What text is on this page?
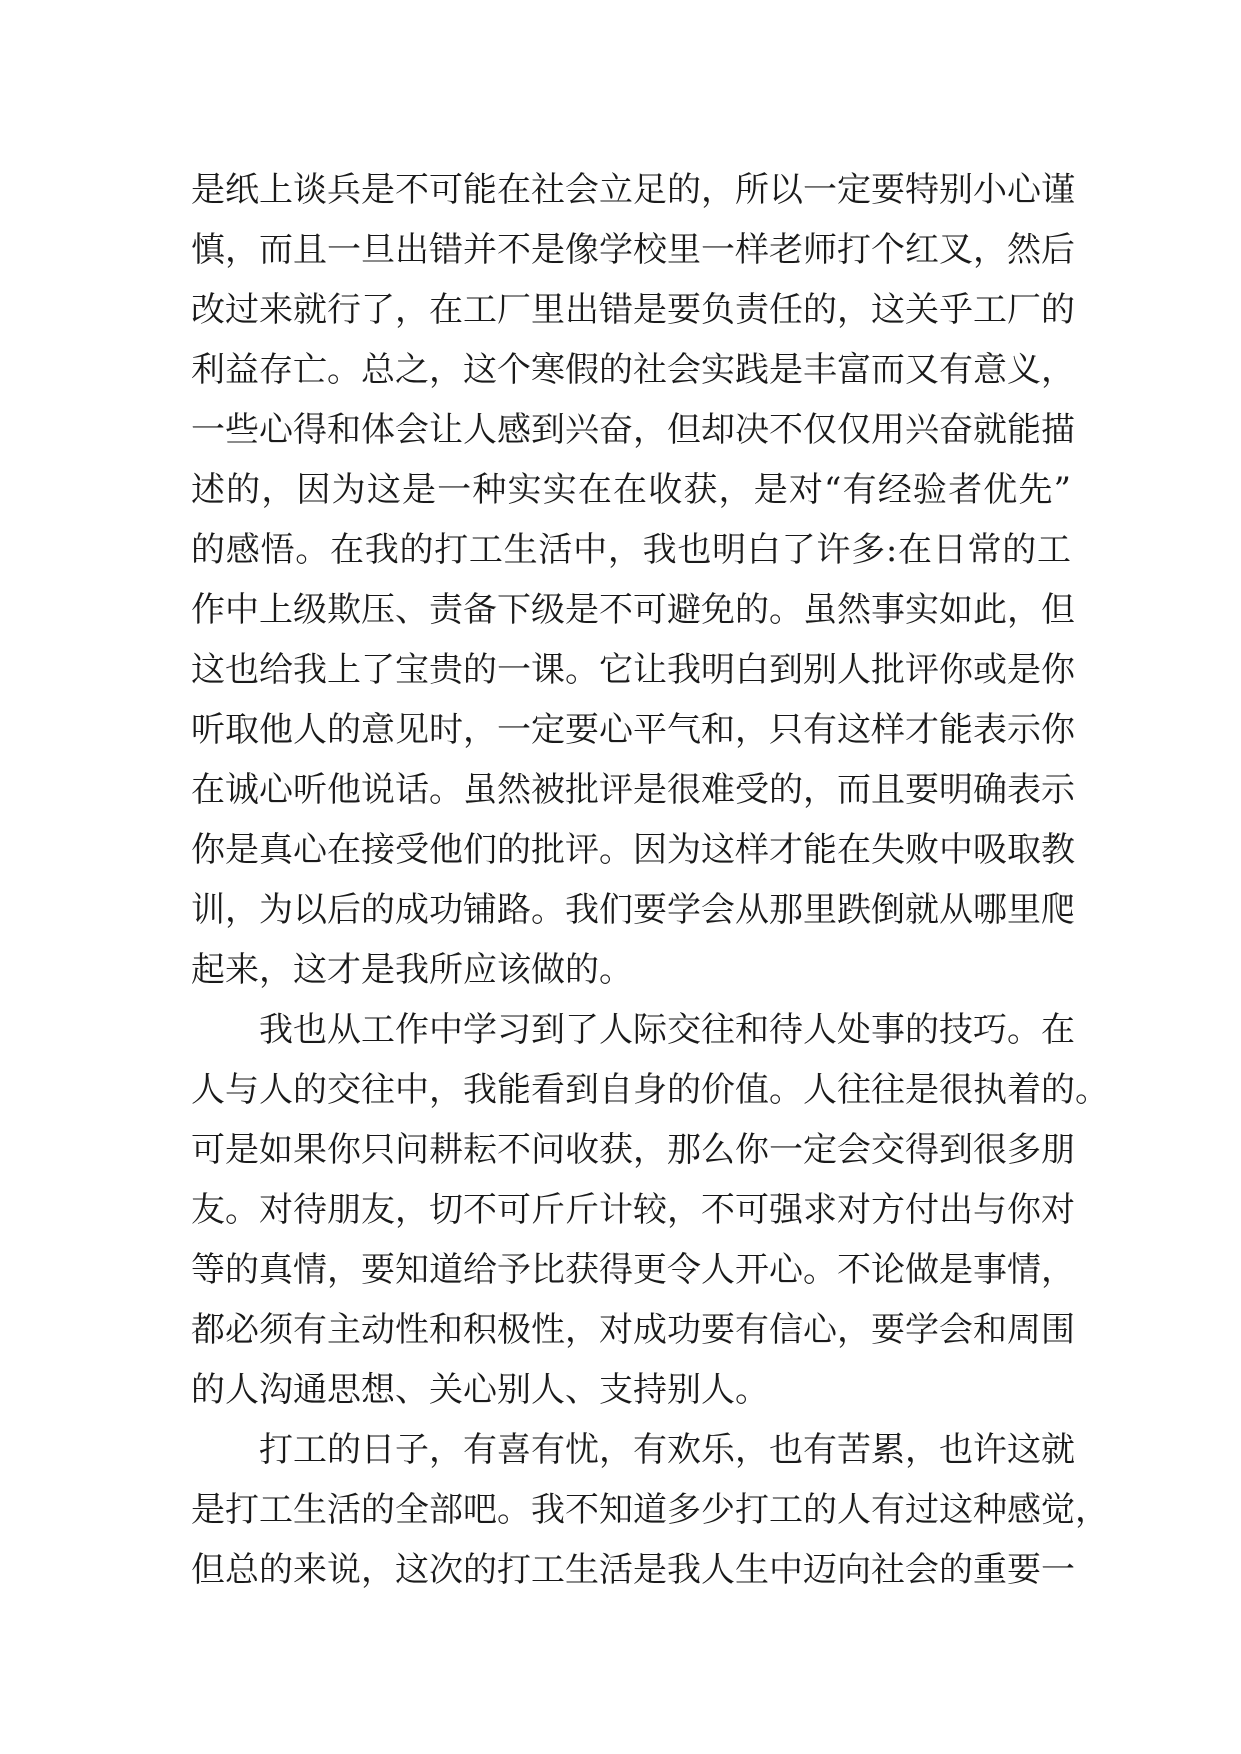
是纸上谈兵是不可能在社会立足的，所以一定要特别小心谨
慎，而且一旦出错并不是像学校里一样老师打个红叉，然后
改过来就行了，在工厂里出错是要负责任的，这关乎工厂的
利益存亡。总之，这个寒假的社会实践是丰富而又有意义，
一些心得和体会让人感到兴奋，但却决不仅仅用兴奋就能描
述的，因为这是一种实实在在收获，是对“有经验者优先”
的感悟。在我的打工生活中，我也明白了许多:在日常的工
作中上级欺压、责备下级是不可避免的。虽然事实如此，但
这也给我上了宝贵的一课。它让我明白到别人批评你或是你
听取他人的意见时，一定要心平气和，只有这样才能表示你
在诚心听他说话。虽然被批评是很难受的，而且要明确表示
你是真心在接受他们的批评。因为这样才能在失败中吸取教
训，为以后的成功铺路。我们要学会从那里跌倒就从哪里爬
起来，这才是我所应该做的。
我也从工作中学习到了人际交往和待人处事的技巧。在
人与人的交往中，我能看到自身的价值。人往往是很执着的。
可是如果你只问耕耘不问收获，那么你一定会交得到很多朋
友。对待朋友，切不可斤斤计较，不可强求对方付出与你对
等的真情，要知道给予比获得更令人开心。不论做是事情，
都必须有主动性和积极性，对成功要有信心，要学会和周围
的人沟通思想、关心别人、支持别人。
打工的日子，有喜有忧，有欢乐，也有苦累，也许这就
是打工生活的全部吧。我不知道多少打工的人有过这种感觉，
但总的来说，这次的打工生活是我人生中迈向社会的重要一
